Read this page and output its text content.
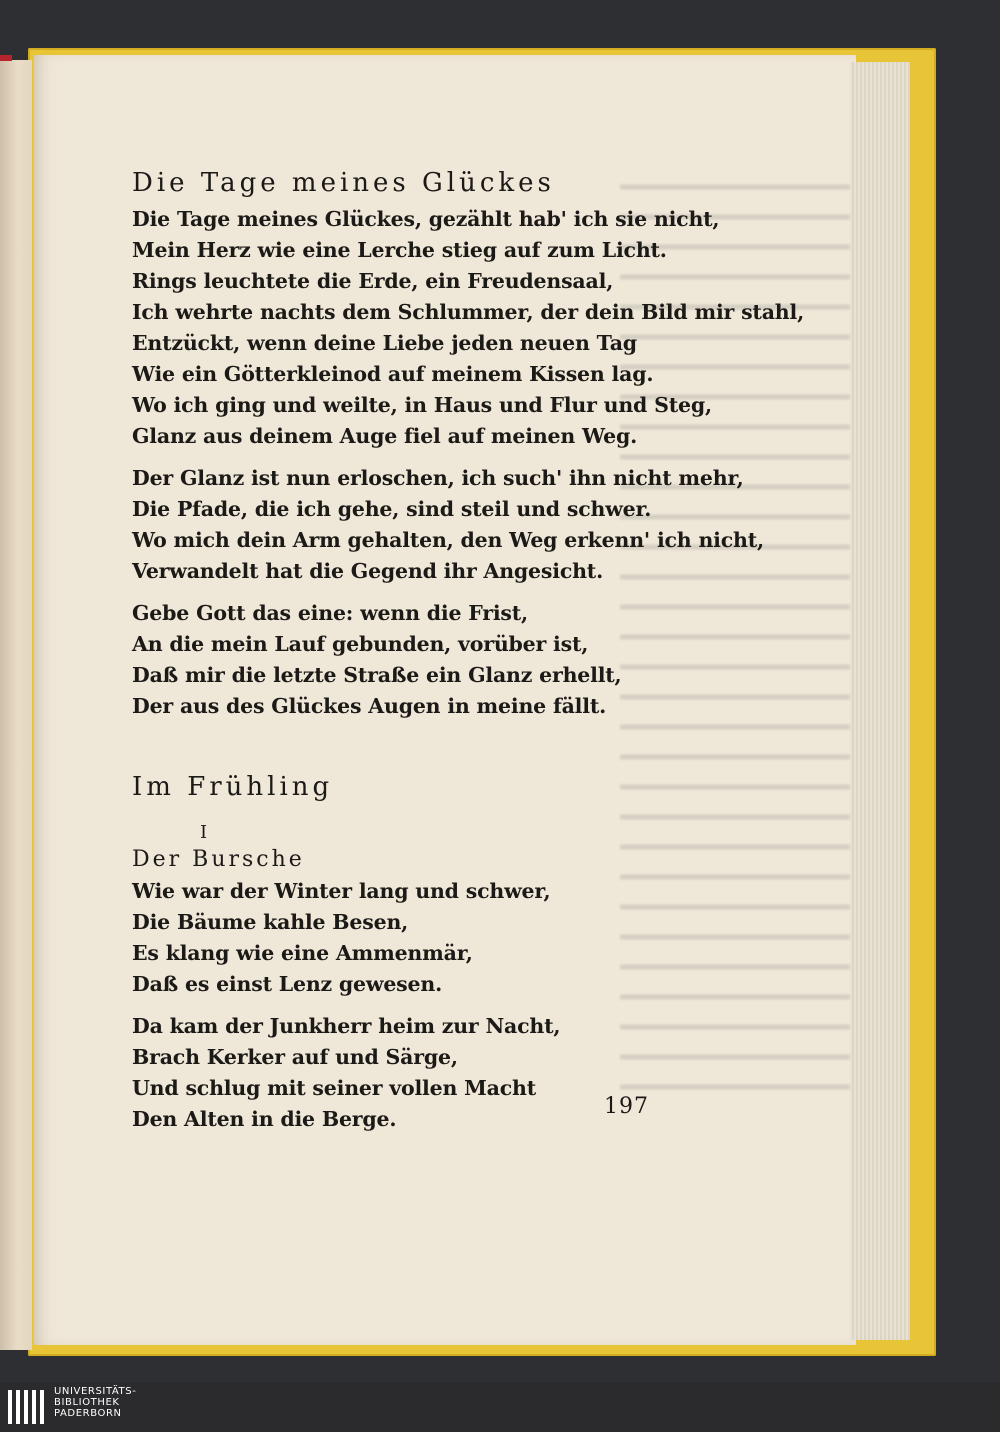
Die Tage meines Glückes
Die Tage meines Glückes, gezählt hab' ich sie nicht,
Mein Herz wie eine Lerche stieg auf zum Licht.
Rings leuchtete die Erde, ein Freudensaal,
Ich wehrte nachts dem Schlummer, der dein Bild mir stahl,
Entzückt, wenn deine Liebe jeden neuen Tag
Wie ein Götterkleinod auf meinem Kissen lag.
Wo ich ging und weilte, in Haus und Flur und Steg,
Glanz aus deinem Auge fiel auf meinen Weg.
Der Glanz ist nun erloschen, ich such' ihn nicht mehr,
Die Pfade, die ich gehe, sind steil und schwer.
Wo mich dein Arm gehalten, den Weg erkenn' ich nicht,
Verwandelt hat die Gegend ihr Angesicht.
Gebe Gott das eine: wenn die Frist,
An die mein Lauf gebunden, vorüber ist,
Daß mir die letzte Straße ein Glanz erhellt,
Der aus des Glückes Augen in meine fällt.
Im Frühling
I
Der Bursche
Wie war der Winter lang und schwer,
Die Bäume kahle Besen,
Es klang wie eine Ammenmär,
Daß es einst Lenz gewesen.
Da kam der Junkherr heim zur Nacht,
Brach Kerker auf und Särge,
Und schlug mit seiner vollen Macht
Den Alten in die Berge.	197
UNIVERSITÄTS-
BIBLIOTHEK
PADERBORN
